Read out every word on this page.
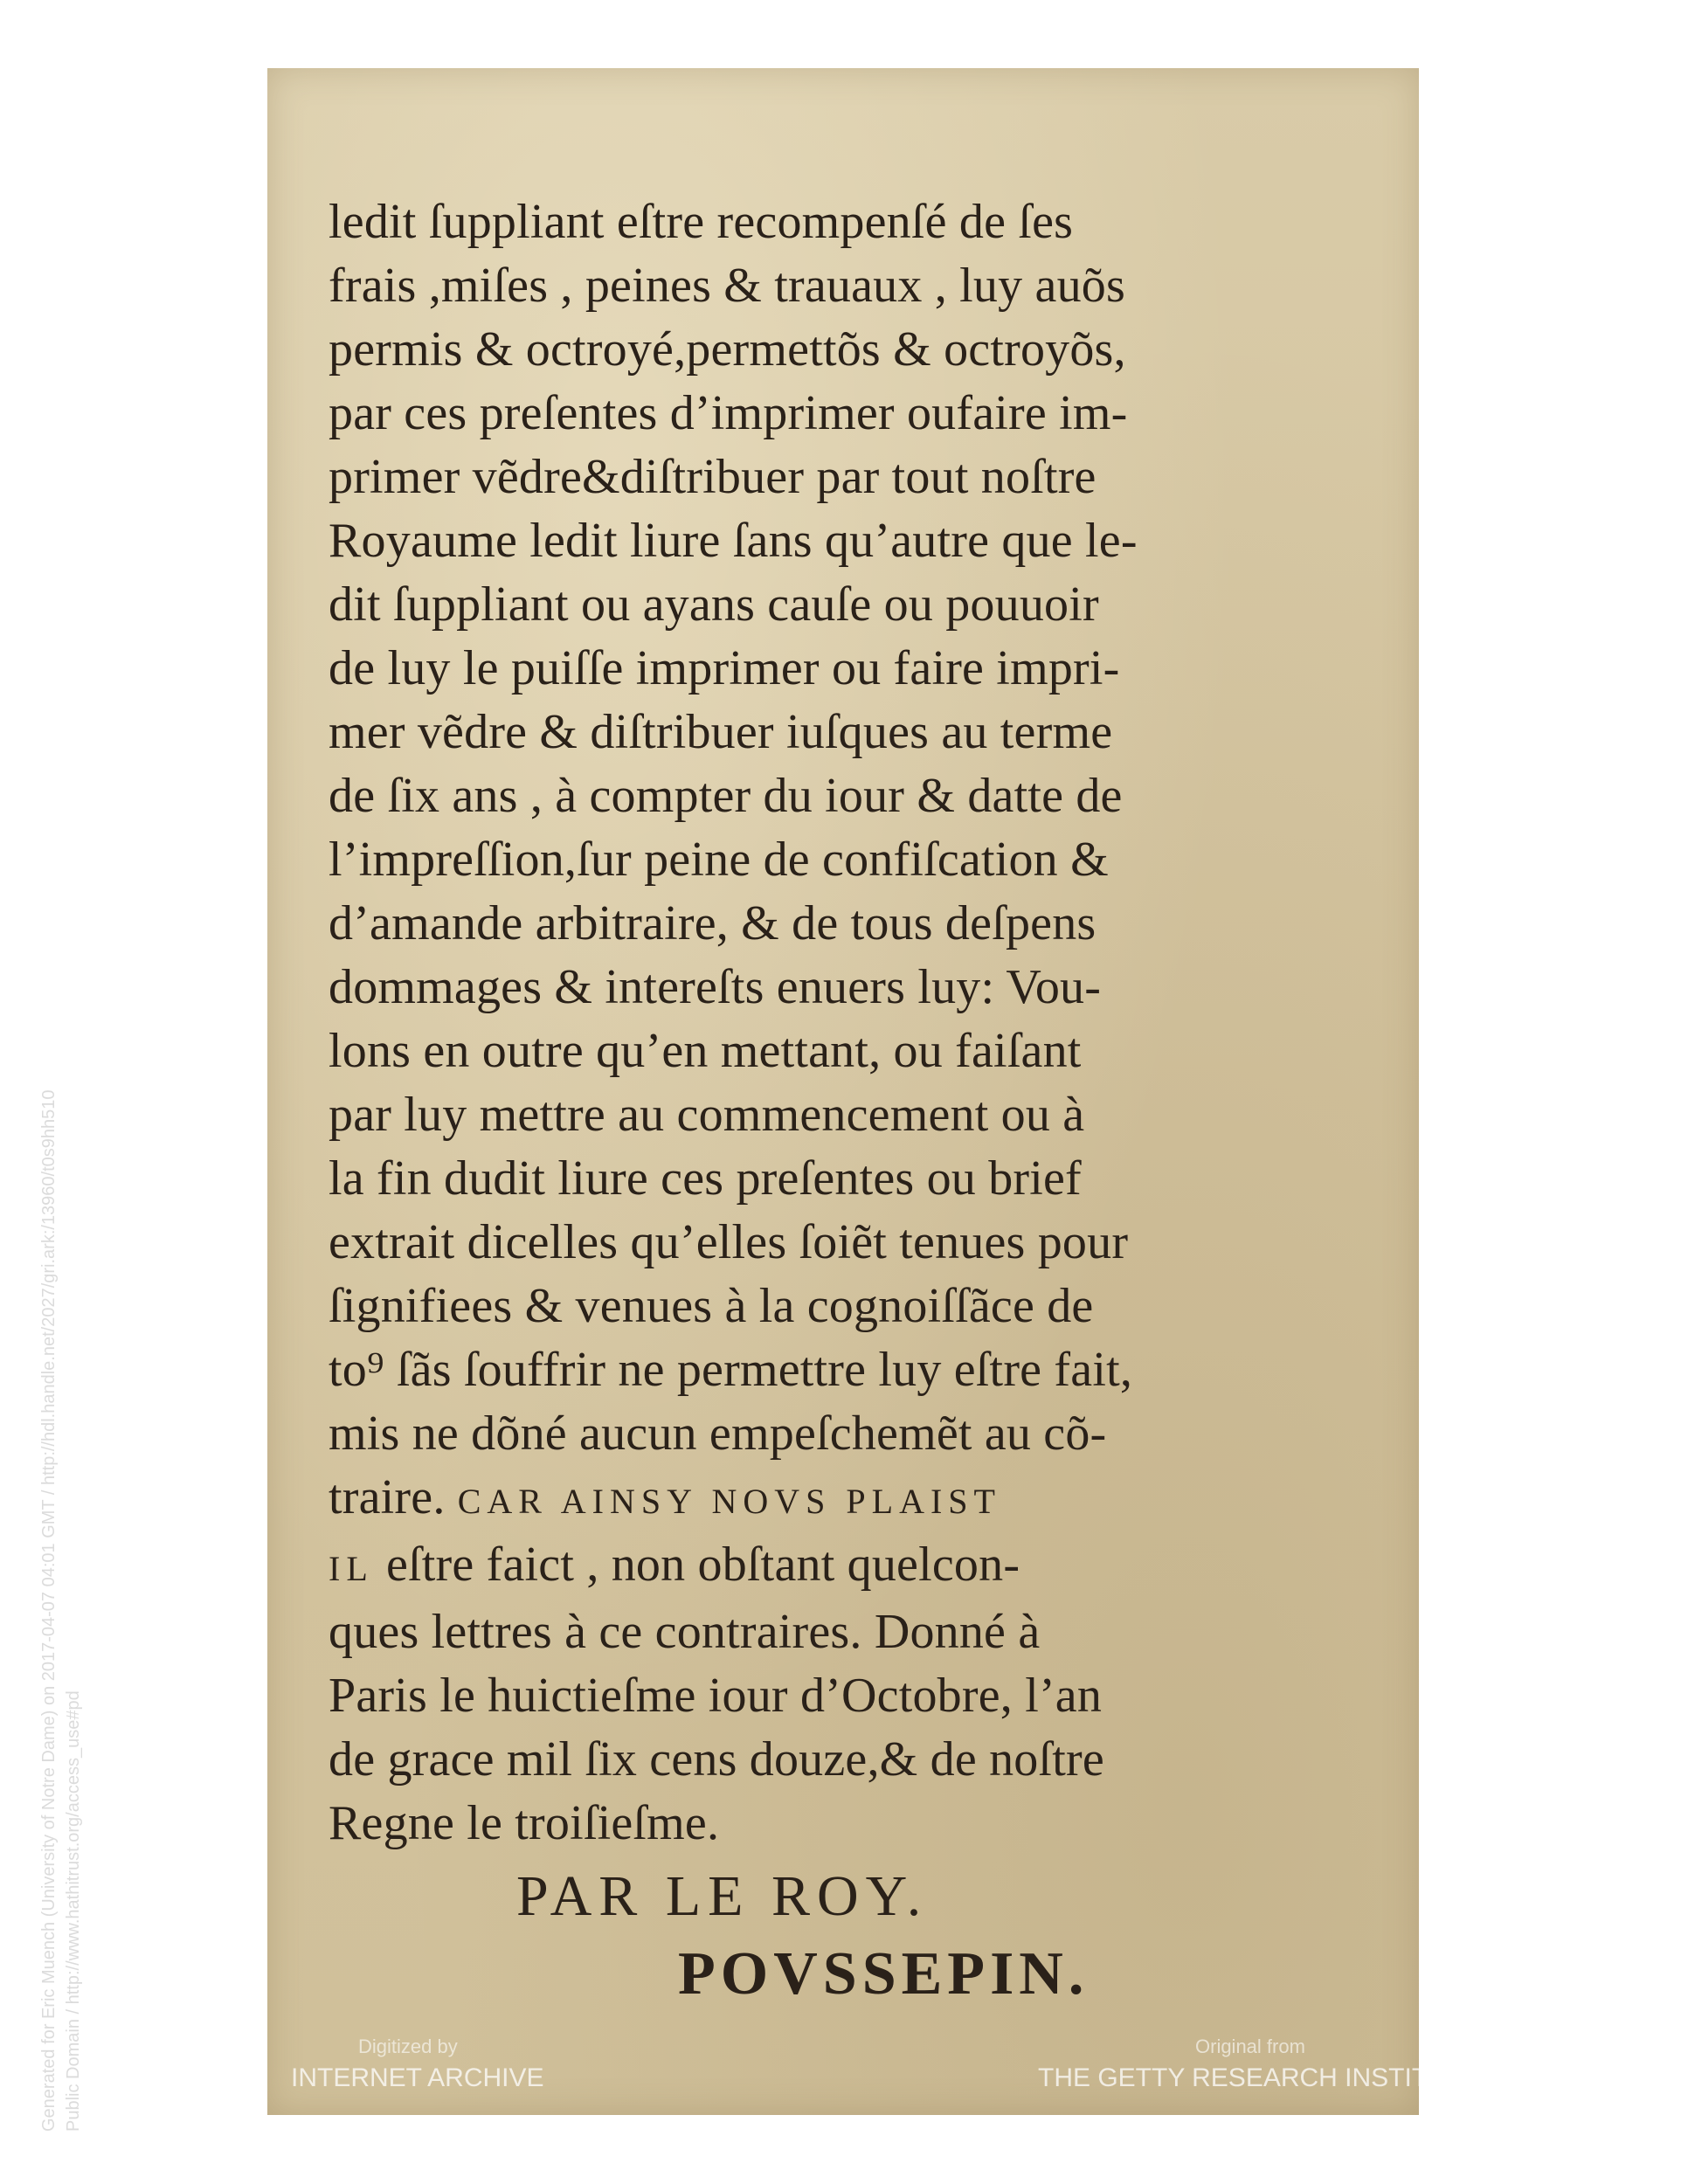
ledit ſuppliant eſtre recompenſé de ſes
frais ,miſes , peines & trauaux , luy auõs
permis & octroyé,permettõs & octroyõs,
par ces preſentes d’imprimer oufaire im-
primer vẽdre&diſtribuer par tout noſtre
Royaume ledit liure ſans qu’autre que le-
dit ſuppliant ou ayans cauſe ou pouuoir
de luy le puiſſe imprimer ou faire impri-
mer vẽdre & diſtribuer iuſques au terme
de ſix ans , à compter du iour & datte de
l’impreſſion,ſur peine de confiſcation &
d’amande arbitraire, & de tous deſpens
dommages & intereſts enuers luy: Vou-
lons en outre qu’en mettant, ou faiſant
par luy mettre au commencement ou à
la fin dudit liure ces preſentes ou brief
extrait dicelles qu’elles ſoiẽt tenues pour
ſignifiees & venues à la cognoiſſãce de
to⁹ ſãs ſouffrir ne permettre luy eſtre fait,
mis ne dõné aucun empeſchemẽt au cõ-
traire. CAR AINSY NOVS PLAIST
IL eſtre faict , non obſtant quelcon-
ques lettres à ce contraires. Donné à
Paris le huictieſme iour d’Octobre, l’an
de grace mil ſix cens douze,& de noſtre
Regne le troiſieſme.
PAR LE ROY.
POVSSEPIN.
Digitized by
INTERNET ARCHIVE
Original from
THE GETTY RESEARCH INSTITUTE
Generated for Eric Muench (University of Notre Dame) on 2017-04-07 04:01 GMT / http://hdl.handle.net/2027/gri.ark:/13960/t0s9hh510 Public Domain / http://www.hathitrust.org/access_use#pd
